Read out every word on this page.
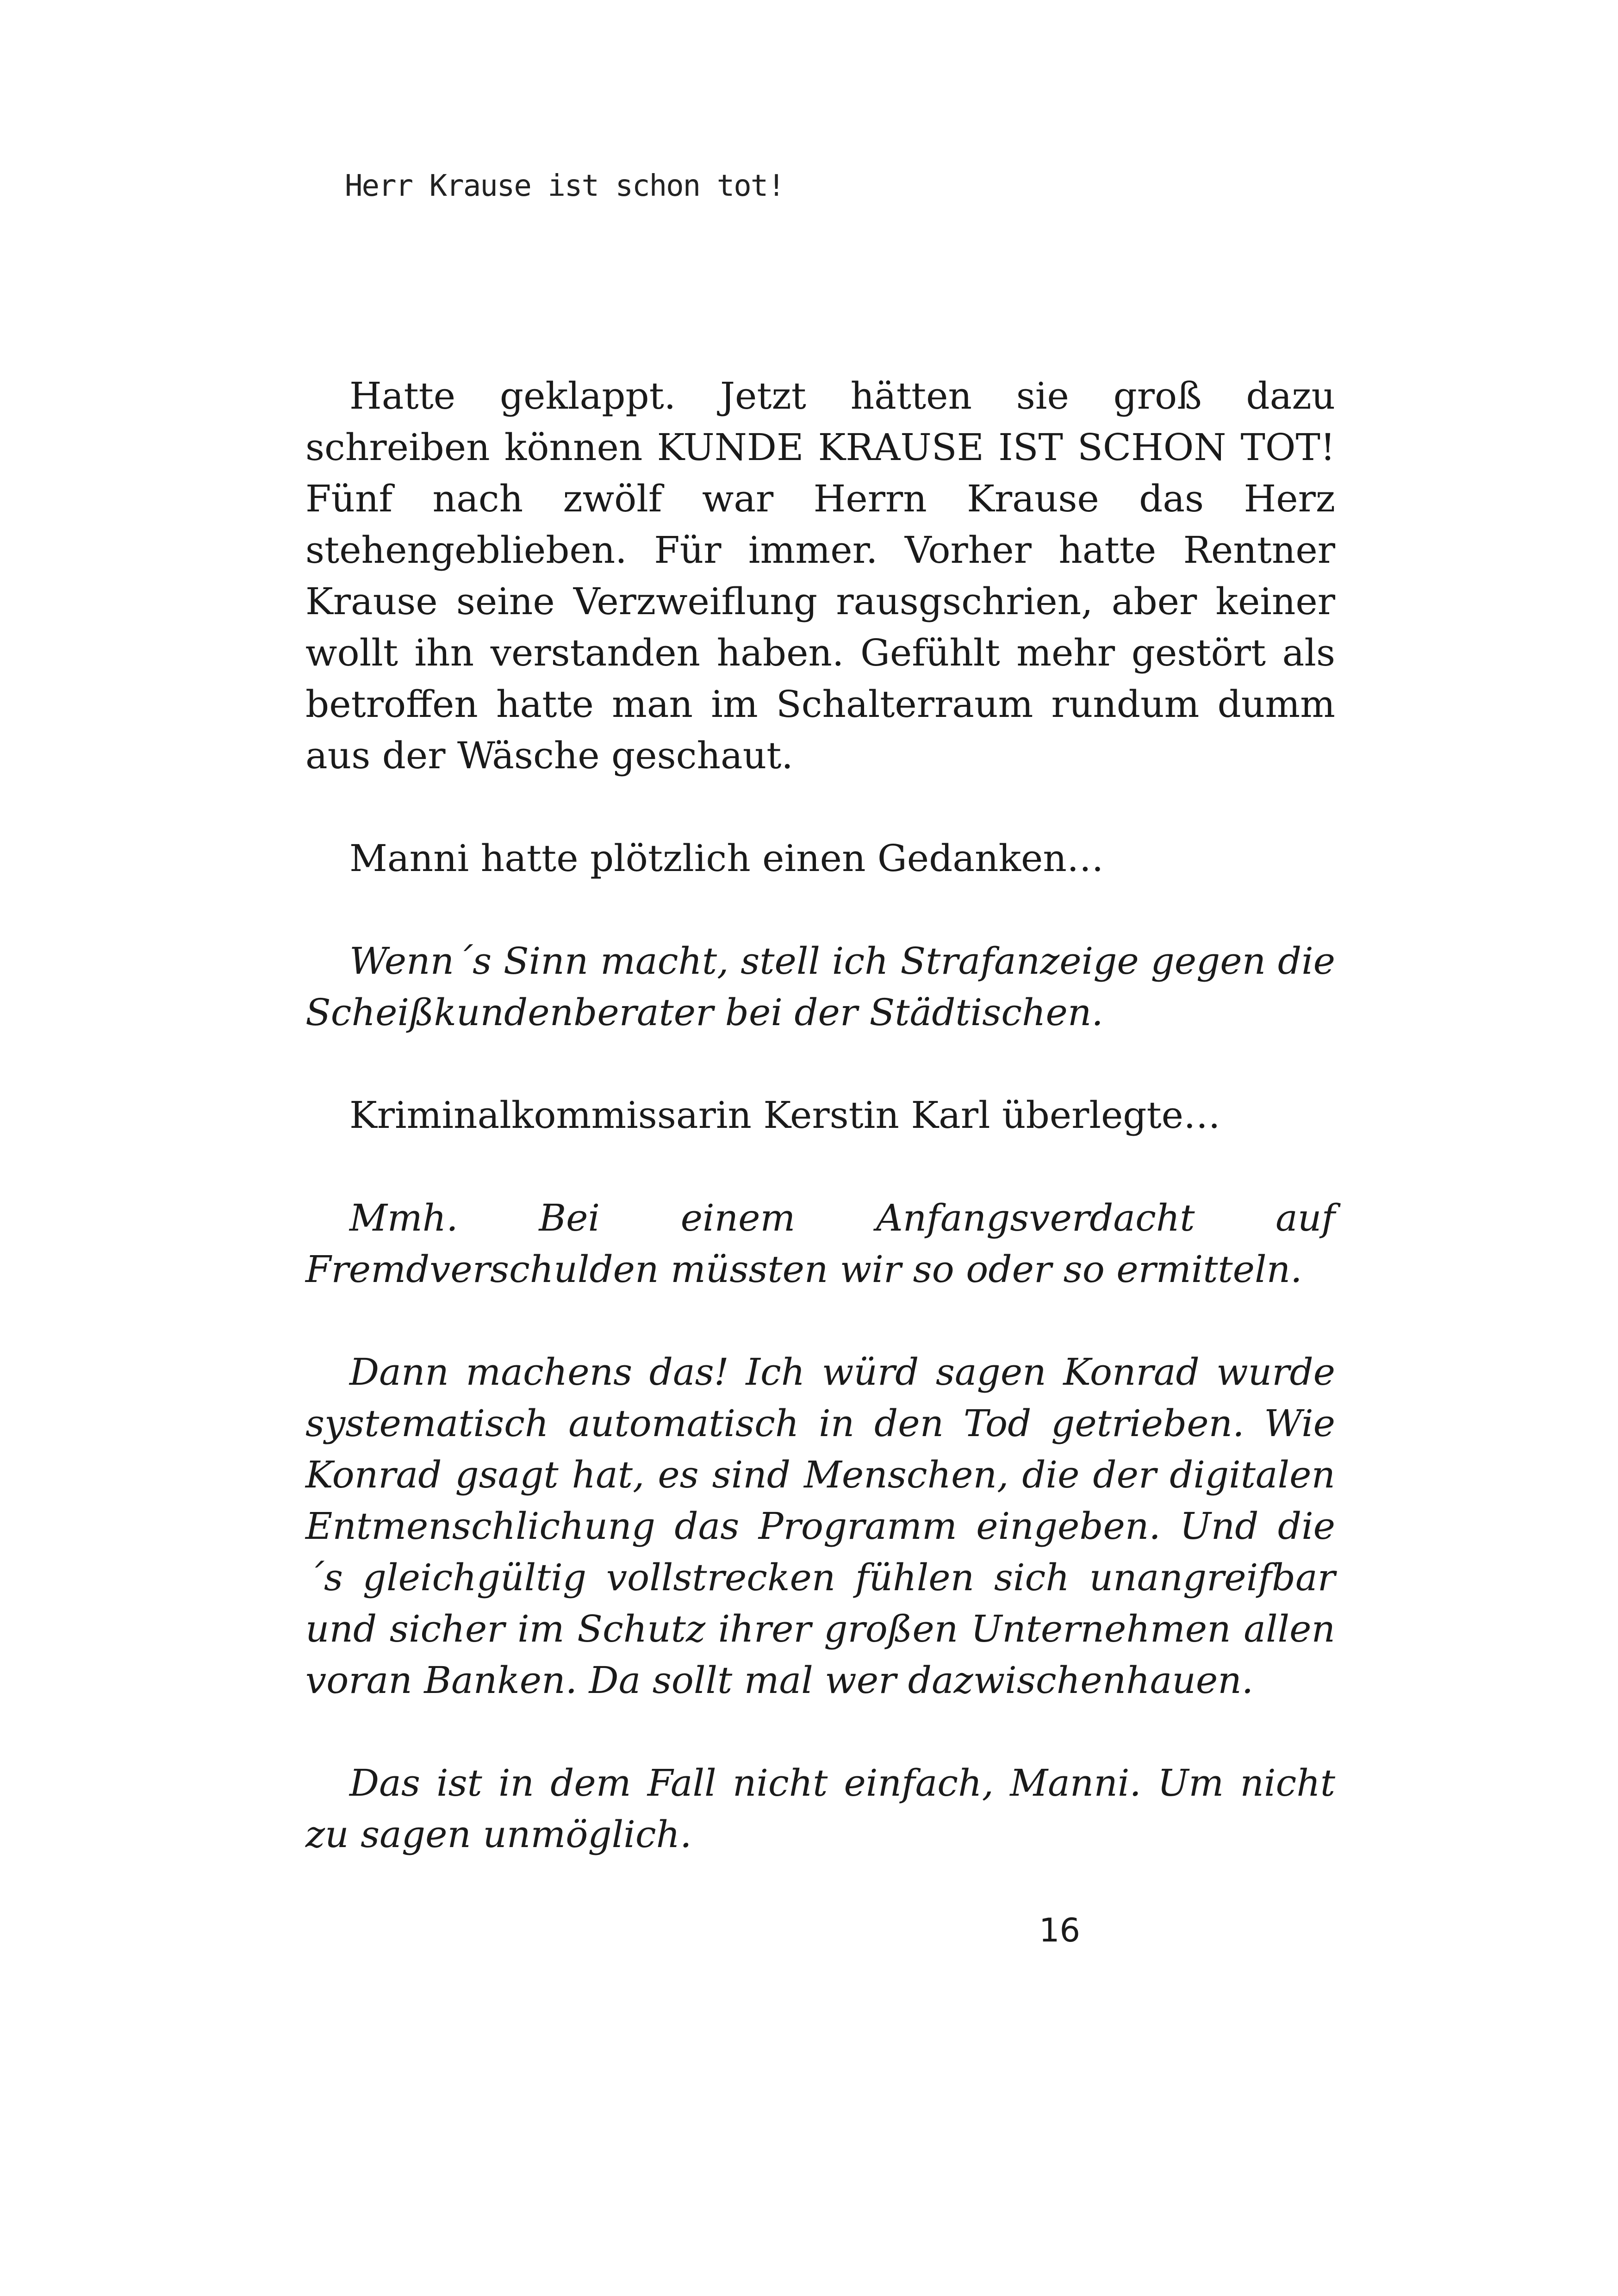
Herr Krause ist schon tot!

Hatte geklappt. Jetzt hätten sie groß dazu schreiben können KUNDE KRAUSE IST SCHON TOT! Fünf nach zwölf war Herrn Krause das Herz stehengeblieben. Für immer. Vorher hatte Rentner Krause seine Verzweiflung rausgschrien, aber keiner wollt ihn verstanden haben. Gefühlt mehr gestört als betroffen hatte man im Schalterraum rundum dumm aus der Wäsche geschaut.

Manni hatte plötzlich einen Gedanken…

Wenn´s Sinn macht, stell ich Strafanzeige gegen die Scheißkundenberater bei der Städtischen.

Kriminalkommissarin Kerstin Karl überlegte…

Mmh. Bei einem Anfangsverdacht auf Fremdverschulden müssten wir so oder so ermitteln.

Dann machens das! Ich würd sagen Konrad wurde systematisch automatisch in den Tod getrieben. Wie Konrad gsagt hat, es sind Menschen, die der digitalen Entmenschlichung das Programm eingeben. Und die´s gleichgültig vollstrecken fühlen sich unangreifbar und sicher im Schutz ihrer großen Unternehmen allen voran Banken. Da sollt mal wer dazwischenhauen.

Das ist in dem Fall nicht einfach, Manni. Um nicht zu sagen unmöglich.

16
